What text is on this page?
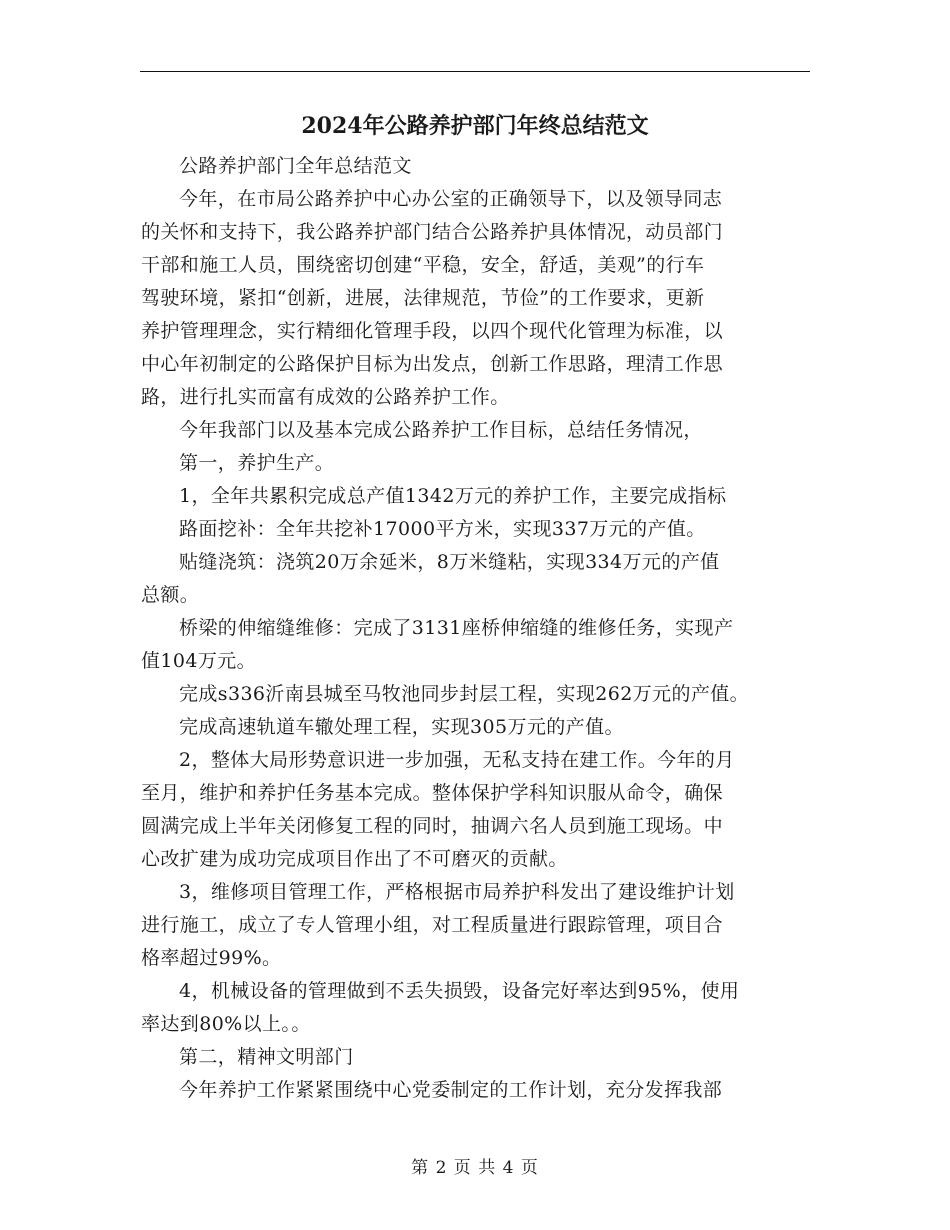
2024年公路养护部门年终总结范文
公路养护部门全年总结范文
今年，在市局公路养护中心办公室的正确领导下，以及领导同志
的关怀和支持下，我公路养护部门结合公路养护具体情况，动员部门
干部和施工人员，围绕密切创建“平稳，安全，舒适，美观”的行车
驾驶环境，紧扣“创新，进展，法律规范，节俭”的工作要求，更新
养护管理理念，实行精细化管理手段，以四个现代化管理为标准，以
中心年初制定的公路保护目标为出发点，创新工作思路，理清工作思
路，进行扎实而富有成效的公路养护工作。
今年我部门以及基本完成公路养护工作目标，总结任务情况，
第一，养护生产。
1，全年共累积完成总产值1342万元的养护工作，主要完成指标
路面挖补：全年共挖补17000平方米，实现337万元的产值。
贴缝浇筑：浇筑20万余延米，8万米缝粘，实现334万元的产值
总额。
桥梁的伸缩缝维修：完成了3131座桥伸缩缝的维修任务，实现产
值104万元。
完成s336沂南县城至马牧池同步封层工程，实现262万元的产值。
完成高速轨道车辙处理工程，实现305万元的产值。
2，整体大局形势意识进一步加强，无私支持在建工作。今年的月
至月，维护和养护任务基本完成。整体保护学科知识服从命令，确保
圆满完成上半年关闭修复工程的同时，抽调六名人员到施工现场。中
心改扩建为成功完成项目作出了不可磨灭的贡献。
3，维修项目管理工作，严格根据市局养护科发出了建设维护计划
进行施工，成立了专人管理小组，对工程质量进行跟踪管理，项目合
格率超过99%。
4，机械设备的管理做到不丢失损毁，设备完好率达到95%，使用
率达到80%以上。。
第二，精神文明部门
今年养护工作紧紧围绕中心党委制定的工作计划，充分发挥我部

第 2 页 共 4 页
